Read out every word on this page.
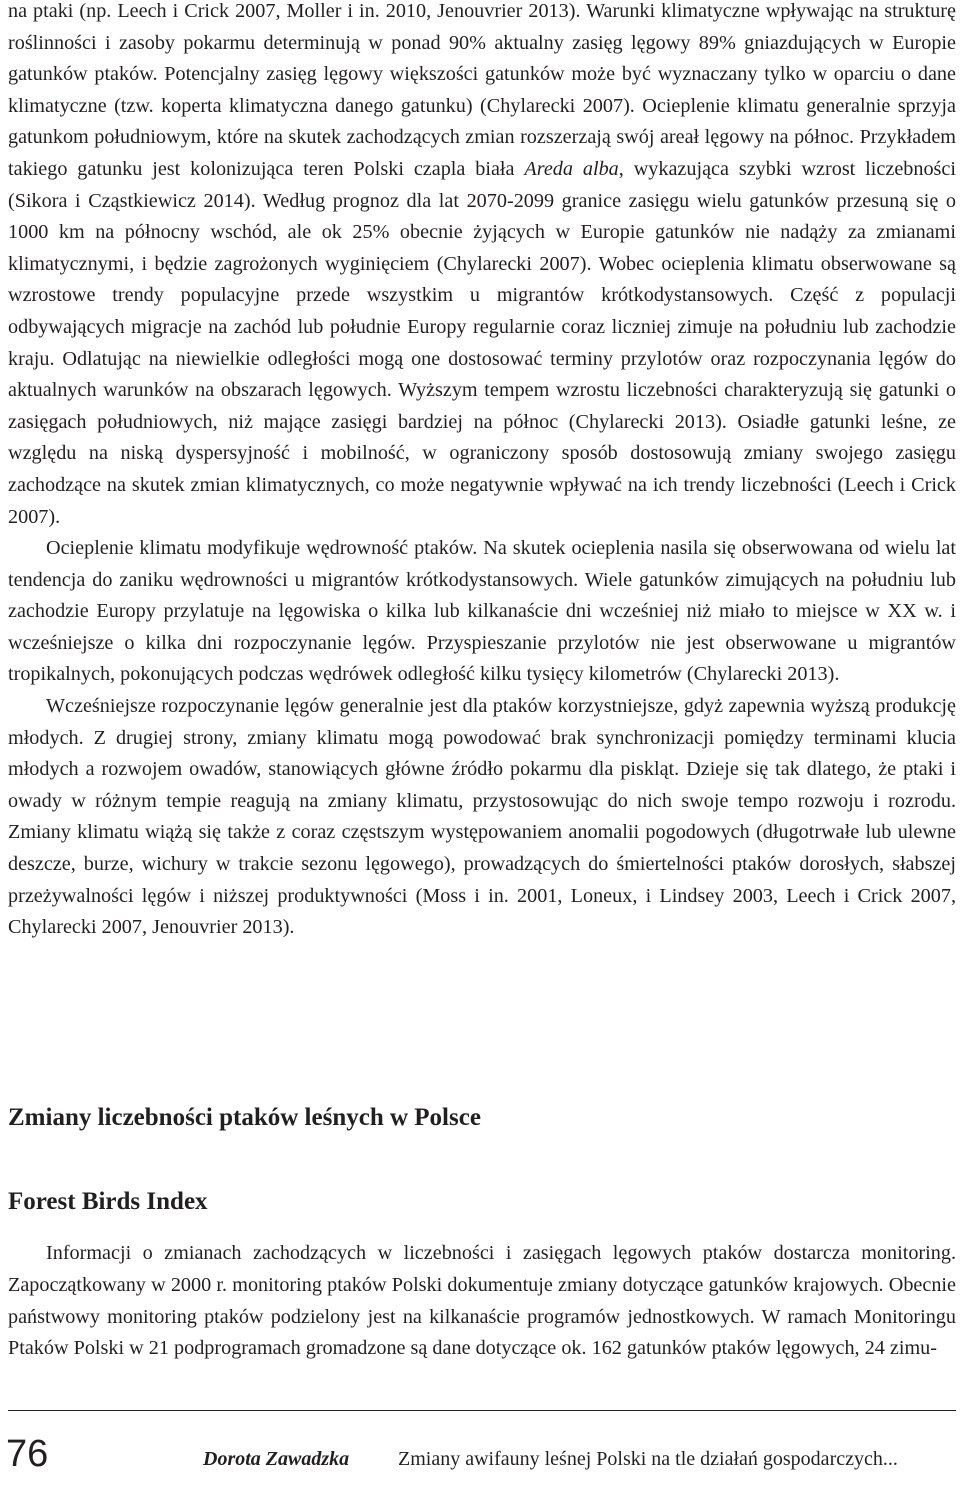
na ptaki (np. Leech i Crick 2007, Moller i in. 2010, Jenouvrier 2013). Warunki klimatyczne wpływając na strukturę roślinności i zasoby pokarmu determinują w ponad 90% aktualny zasięg lęgowy 89% gniazdujących w Europie gatunków ptaków. Potencjalny zasięg lęgowy większości gatunków może być wyznaczany tylko w oparciu o dane klimatyczne (tzw. koperta klimatyczna danego gatunku) (Chylarecki 2007). Ocieplenie klimatu generalnie sprzyja gatunkom południowym, które na skutek zachodzących zmian rozszerzają swój areał lęgowy na północ. Przykładem takiego gatunku jest kolonizująca teren Polski czapla biała Areda alba, wykazująca szybki wzrost liczebności (Sikora i Cząstkiewicz 2014). Według prognoz dla lat 2070-2099 granice zasięgu wielu gatunków przesuną się o 1000 km na północny wschód, ale ok 25% obecnie żyjących w Europie gatunków nie nadąży za zmianami klimatycznymi, i będzie zagrożonych wyginięciem (Chylarecki 2007). Wobec ocieplenia klimatu obserwowane są wzrostowe trendy populacyjne przede wszystkim u migrantów krótkodystansowych. Część z populacji odbywających migracje na zachód lub południe Europy regularnie coraz liczniej zimuje na południu lub zachodzie kraju. Odlatując na niewielkie odległości mogą one dostosować terminy przylotów oraz rozpoczynania lęgów do aktualnych warunków na obszarach lęgowych. Wyższym tempem wzrostu liczebności charakteryzują się gatunki o zasięgach południowych, niż mające zasięgi bardziej na północ (Chylarecki 2013). Osiadłe gatunki leśne, ze względu na niską dyspersyjność i mobilność, w ograniczony sposób dostosowują zmiany swojego zasięgu zachodzące na skutek zmian klimatycznych, co może negatywnie wpływać na ich trendy liczebności (Leech i Crick 2007).

Ocieplenie klimatu modyfikuje wędrowność ptaków. Na skutek ocieplenia nasila się obserwowana od wielu lat tendencja do zaniku wędrowności u migrantów krótkodystansowych. Wiele gatunków zimujących na południu lub zachodzie Europy przylatuje na lęgowiska o kilka lub kilkanaście dni wcześniej niż miało to miejsce w XX w. i wcześniejsze o kilka dni rozpoczynanie lęgów. Przyspieszanie przylotów nie jest obserwowane u migrantów tropikalnych, pokonujących podczas wędrówek odległość kilku tysięcy kilometrów (Chylarecki 2013).

Wcześniejsze rozpoczynanie lęgów generalnie jest dla ptaków korzystniejsze, gdyż zapewnia wyższą produkcję młodych. Z drugiej strony, zmiany klimatu mogą powodować brak synchronizacji pomiędzy terminami klucia młodych a rozwojem owadów, stanowiących główne źródło pokarmu dla piskląt. Dzieje się tak dlatego, że ptaki i owady w różnym tempie reagują na zmiany klimatu, przystosowując do nich swoje tempo rozwoju i rozrodu. Zmiany klimatu wiążą się także z coraz częstszym występowaniem anomalii pogodowych (długotrwałe lub ulewne deszcze, burze, wichury w trakcie sezonu lęgowego), prowadzących do śmiertelności ptaków dorosłych, słabszej przeżywalności lęgów i niższej produktywności (Moss i in. 2001, Loneux, i Lindsey 2003, Leech i Crick 2007, Chylarecki 2007, Jenouvrier 2013).

Zmiany liczebności ptaków leśnych w Polsce
Forest Birds Index

Informacji o zmianach zachodzących w liczebności i zasięgach lęgowych ptaków dostarcza monitoring. Zapoczątkowany w 2000 r. monitoring ptaków Polski dokumentuje zmiany dotyczące gatunków krajowych. Obecnie państwowy monitoring ptaków podzielony jest na kilkanaście programów jednostkowych. W ramach Monitoringu Ptaków Polski w 21 podprogramach gromadzone są dane dotyczące ok. 162 gatunków ptaków lęgowych, 24 zimu-

76	Dorota Zawadzka Zmiany awifauny leśnej Polski na tle działań gospodarczych...
